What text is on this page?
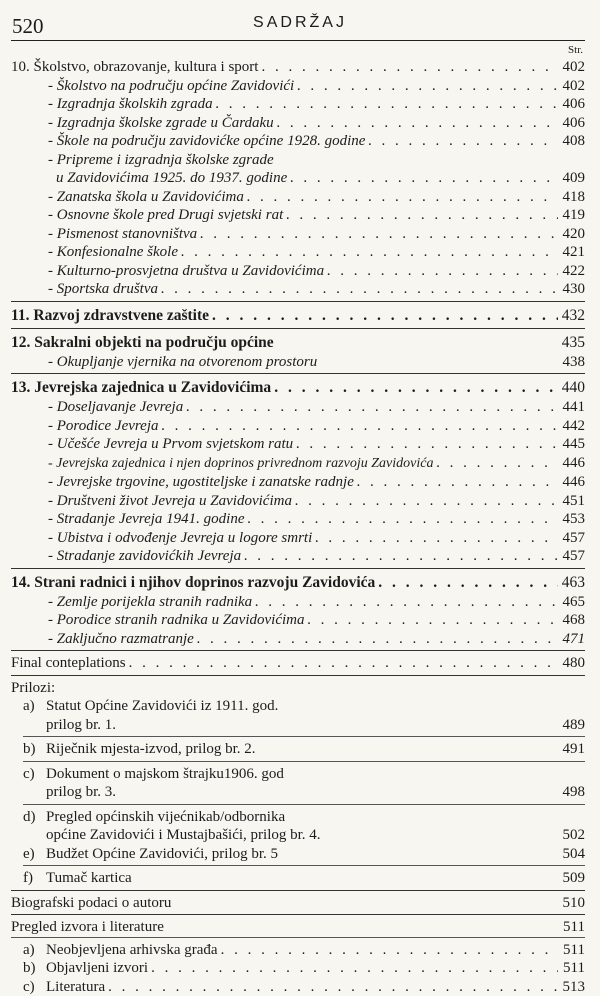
520	SADRŽAJ
Str.
10. Školstvo, obrazovanje, kultura i sport . . .	402
- Školstvo na području općine Zavidovići . . .	402
- Izgradnja školskih zgrada . . .	406
- Izgradnja školske zgrade u Čardaku . . .	406
- Škole na području zavidovićke općine 1928. godine . . .	408
- Pripreme i izgradnja školske zgrade
u Zavidovićima 1925. do 1937. godine . . .	409
- Zanatska škola u Zavidovićima . . .	418
- Osnovne škole pred Drugi svjetski rat . . .	419
- Pismenost stanovništva . . .	420
- Konfesionalne škole . . .	421
- Kulturno-prosvjetna društva u Zavidovićima . . .	422
- Sportska društva . . .	430
11. Razvoj zdravstvene zaštite . . .	432
12. Sakralni objekti na području općine	435
- Okupljanje vjernika na otvorenom prostoru	438
13. Jevrejska zajednica u Zavidovićima . . .	440
- Doseljavanje Jevreja . . .	441
- Porodice Jevreja . . .	442
- Učešće Jevreja u Prvom svjetskom ratu . . .	445
- Jevrejska zajednica i njen doprinos privrednom razvoju Zavidovića . . .	446
- Jevrejske trgovine, ugostiteljske i zanatske radnje . . .	446
- Društveni život Jevreja u Zavidovićima . . .	451
- Stradanje Jevreja 1941. godine . . .	453
- Ubistva i odvođenje Jevreja u logore smrti . . .	457
- Stradanje zavidovićkih Jevreja . . .	457
14. Strani radnici i njihov doprinos razvoju Zavidovića . . .	463
- Zemlje porijekla stranih radnika . . .	465
- Porodice stranih radnika u Zavidovićima . . .	468
- Zaključno razmatranje . . .	471
Final conteplations . . .	480
Prilozi:
a) Statut Općine Zavidovići iz 1911. god.
prilog br. 1.	489
b) Riječnik mjesta-izvod, prilog br. 2.	491
c) Dokument o majskom štrajku1906. god
prilog br. 3.	498
d) Pregled općinskih vijećnikab/odbornika
općine Zavidovići i Mustajbašići, prilog br. 4.	502
e) Budžet Općine Zavidovići, prilog br. 5	504
f) Tumač kartica	509
Biografski podaci o autoru	510
Pregled izvora i literature	511
a) Neobjevljena arhivska građa . . .	511
b) Objavljeni izvori . . .	511
c) Literatura . . .	513
